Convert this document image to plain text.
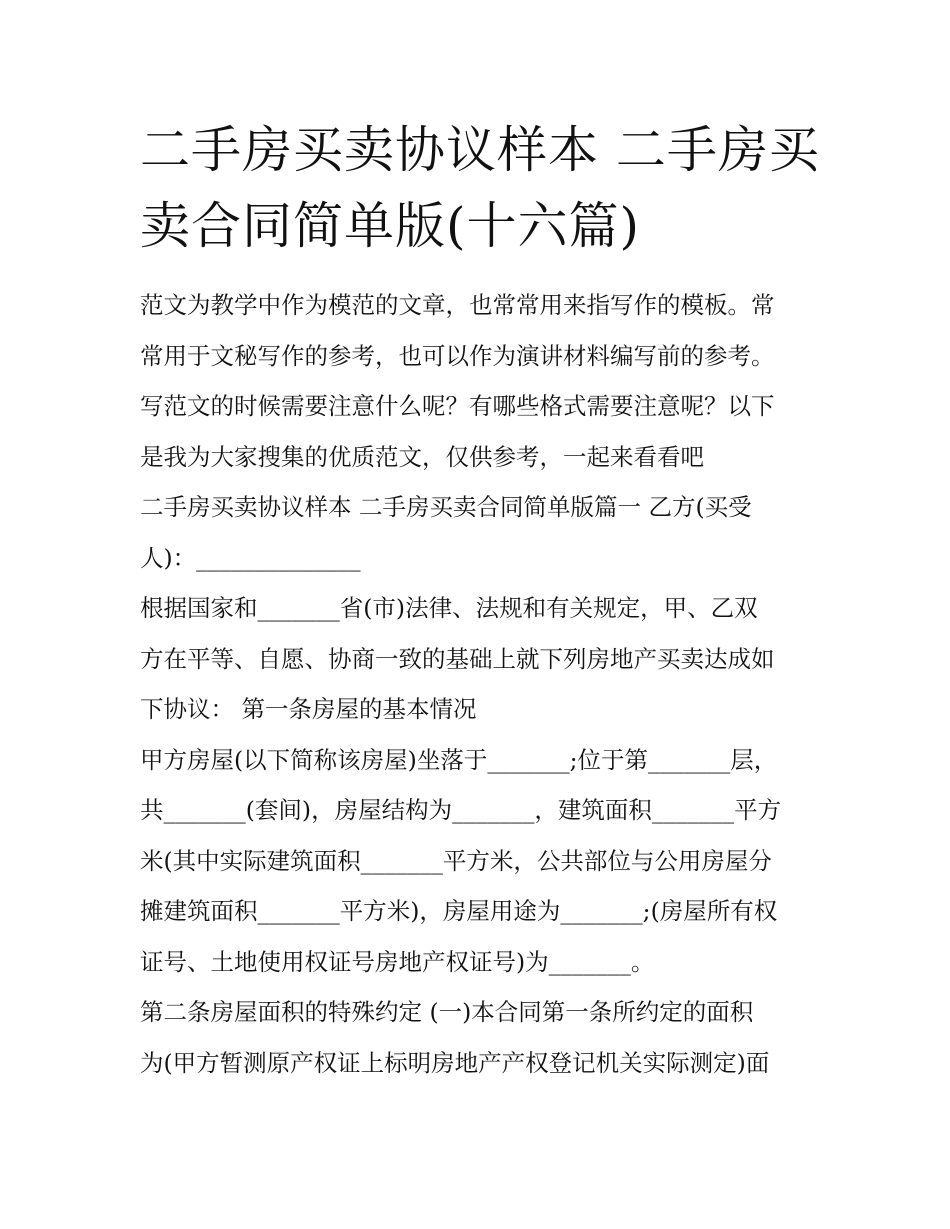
二手房买卖协议样本 二手房买
卖合同简单版(十六篇)
范文为教学中作为模范的文章，也常常用来指写作的模板。常
常用于文秘写作的参考，也可以作为演讲材料编写前的参考。
写范文的时候需要注意什么呢？有哪些格式需要注意呢？以下
是我为大家搜集的优质范文，仅供参考，一起来看看吧
二手房买卖协议样本 二手房买卖合同简单版篇一 乙方(买受
人)：______________
根据国家和_______省(市)法律、法规和有关规定，甲、乙双
方在平等、自愿、协商一致的基础上就下列房地产买卖达成如
下协议： 第一条房屋的基本情况
甲方房屋(以下简称该房屋)坐落于_______;位于第_______层，
共_______(套间)，房屋结构为_______，建筑面积_______平方
米(其中实际建筑面积_______平方米，公共部位与公用房屋分
摊建筑面积_______平方米)，房屋用途为_______;(房屋所有权
证号、土地使用权证号房地产权证号)为_______。
第二条房屋面积的特殊约定 (一)本合同第一条所约定的面积
为(甲方暂测原产权证上标明房地产产权登记机关实际测定)面
